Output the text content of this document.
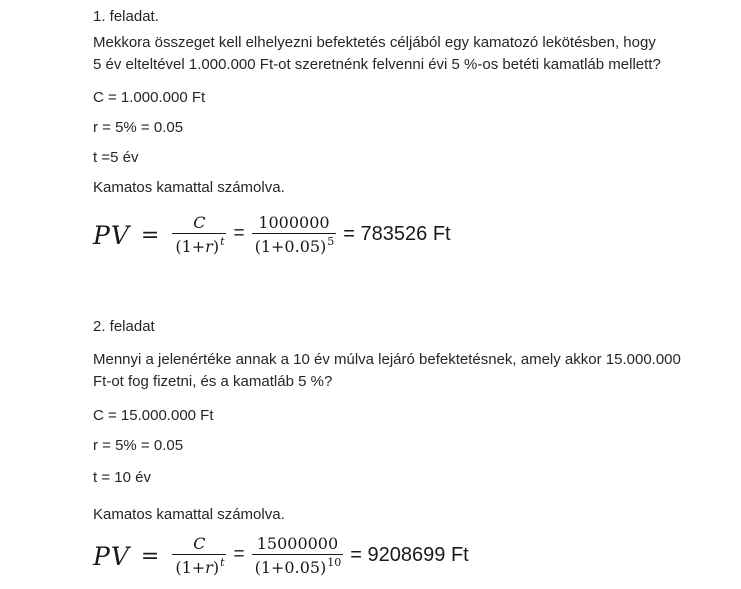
1. feladat.

Mekkora összeget kell elhelyezni befektetés céljából egy kamatozó lekötésben, hogy
5 év elteltével 1.000.000 Ft-ot szeretnénk felvenni évi 5 %-os betéti kamatláb mellett?

C = 1.000.000 Ft
r = 5% = 0.05
t =5 év
Kamatos kamattal számolva.
PV = $\frac{C}{(1+r)^t} = \frac{1000000}{(1+0.05)^5} = 783526$ Ft
2. feladat

Mennyi a jelenértéke annak a 10 év múlva lejáró befektetésnek, amely akkor 15.000.000
Ft-ot fog fizetni, és a kamatláb 5 %?

C = 15.000.000 Ft
r = 5% = 0.05
t = 10 év
Kamatos kamattal számolva.
PV = $\frac{C}{(1+r)^t} = \frac{15000000}{(1+0.05)^{10}} = 9208699$ Ft
